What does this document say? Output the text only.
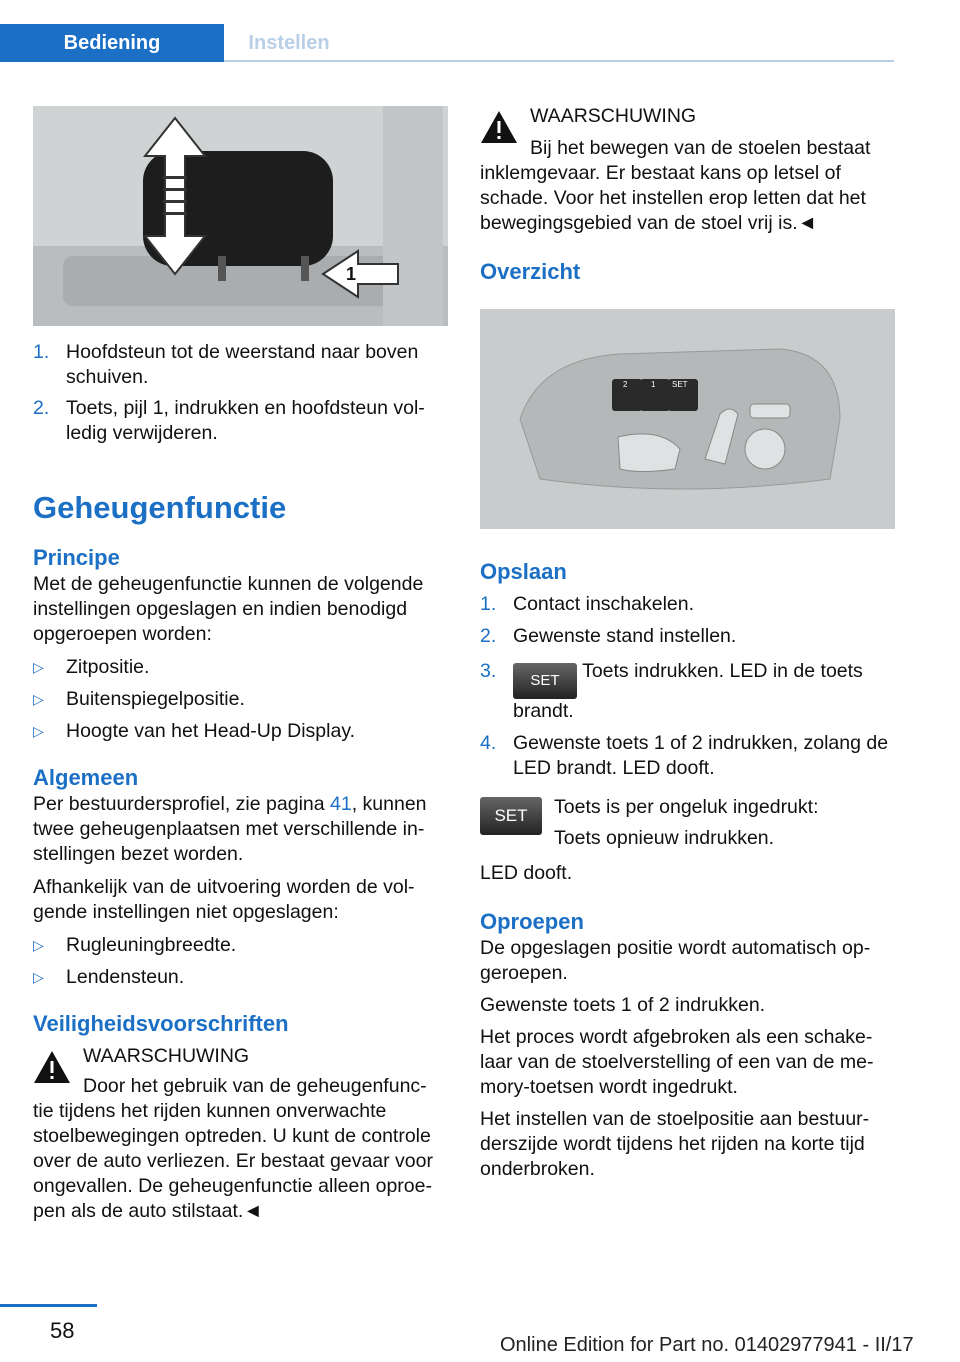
Bediening	Instellen
1
1. Hoofdsteun tot de weerstand naar boven schuiven.
2. Toets, pijl 1, indrukken en hoofdsteun vol‐ledig verwijderen.
Geheugenfunctie
Principe
Met de geheugenfunctie kunnen de volgende instellingen opgeslagen en indien benodigd opgeroepen worden:
▷ Zitpositie.
▷ Buitenspiegelpositie.
▷ Hoogte van het Head-Up Display.
Algemeen
Per bestuurdersprofiel, zie pagina 41, kunnen twee geheugenplaatsen met verschillende in‐stellingen bezet worden.
Afhankelijk van de uitvoering worden de vol‐gende instellingen niet opgeslagen:
▷ Rugleuningbreedte.
▷ Lendensteun.
Veiligheidsvoorschriften
WAARSCHUWING
Door het gebruik van de geheugenfunc‐
tie tijdens het rijden kunnen onverwachte stoelbewegingen optreden. U kunt de controle over de auto verliezen. Er bestaat gevaar voor ongevallen. De geheugenfunctie alleen oproe‐pen als de auto stilstaat.◄
WAARSCHUWING
Bij het bewegen van de stoelen bestaat
inklemgevaar. Er bestaat kans op letsel of schade. Voor het instellen erop letten dat het bewegingsgebied van de stoel vrij is.◄
Overzicht
2	1 SET
Opslaan
1. Contact inschakelen.
2. Gewenste stand instellen.
3. SET Toets indrukken. LED in de toets brandt.
4. Gewenste toets 1 of 2 indrukken, zolang de LED brandt. LED dooft.
SET	Toets is per ongeluk ingedrukt:
Toets opnieuw indrukken.
LED dooft.
Oproepen
De opgeslagen positie wordt automatisch op‐geroepen.
Gewenste toets 1 of 2 indrukken.
Het proces wordt afgebroken als een schake‐laar van de stoelverstelling of een van de me‐mory-toetsen wordt ingedrukt.
Het instellen van de stoelpositie aan bestuur‐derszijde wordt tijdens het rijden na korte tijd onderbroken.
58
Online Edition for Part no. 01402977941 - II/17
